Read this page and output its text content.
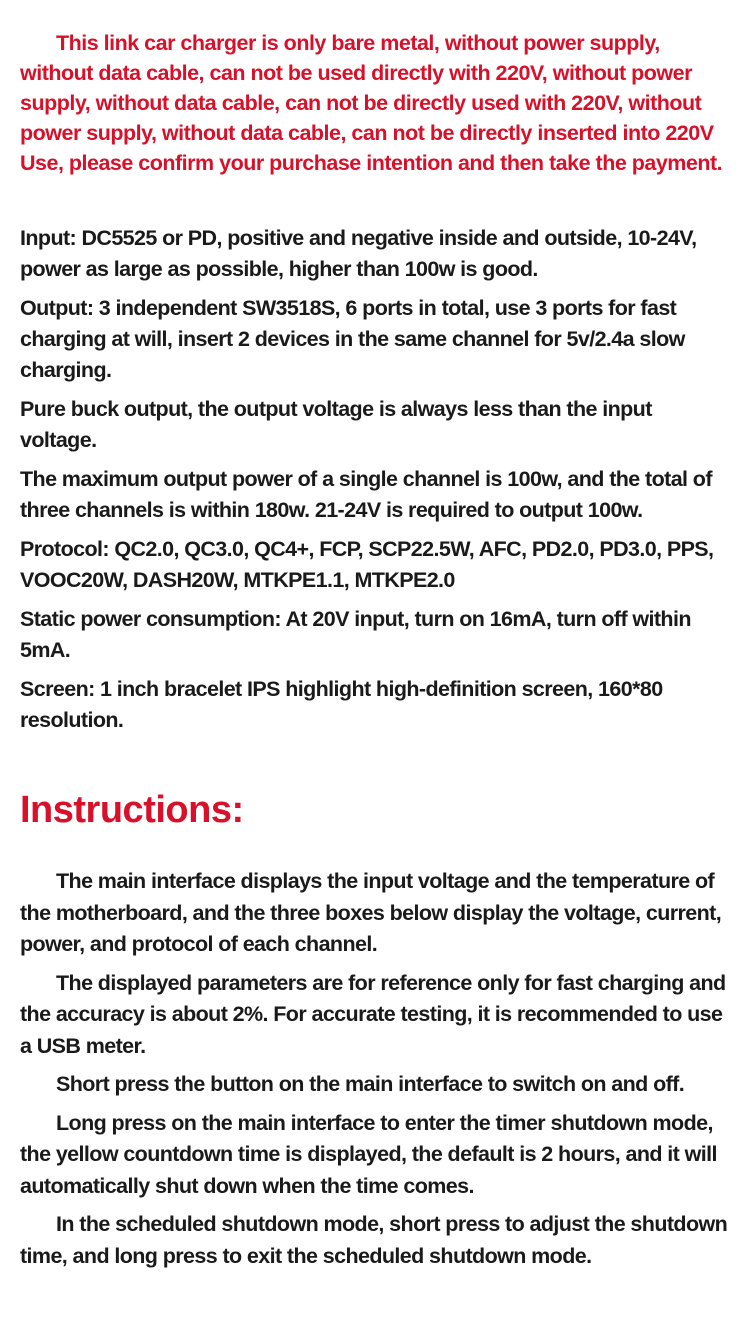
This link car charger is only bare metal, without power supply, without data cable, can not be used directly with 220V, without power supply, without data cable, can not be directly used with 220V, without power supply, without data cable, can not be directly inserted into 220V Use, please confirm your purchase intention and then take the payment.

Input: DC5525 or PD, positive and negative inside and outside, 10-24V, power as large as possible, higher than 100w is good.

Output: 3 independent SW3518S, 6 ports in total, use 3 ports for fast charging at will, insert 2 devices in the same channel for 5v/2.4a slow charging.

Pure buck output, the output voltage is always less than the input voltage.

The maximum output power of a single channel is 100w, and the total of three channels is within 180w. 21-24V is required to output 100w.

Protocol: QC2.0, QC3.0, QC4+, FCP, SCP22.5W, AFC, PD2.0, PD3.0, PPS, VOOC20W, DASH20W, MTKPE1.1, MTKPE2.0

Static power consumption: At 20V input, turn on 16mA, turn off within 5mA.

Screen: 1 inch bracelet IPS highlight high-definition screen, 160*80 resolution.

Instructions:

The main interface displays the input voltage and the temperature of the motherboard, and the three boxes below display the voltage, current, power, and protocol of each channel.

The displayed parameters are for reference only for fast charging and the accuracy is about 2%. For accurate testing, it is recommended to use a USB meter.

Short press the button on the main interface to switch on and off.

Long press on the main interface to enter the timer shutdown mode, the yellow countdown time is displayed, the default is 2 hours, and it will automatically shut down when the time comes.

In the scheduled shutdown mode, short press to adjust the shutdown time, and long press to exit the scheduled shutdown mode.
